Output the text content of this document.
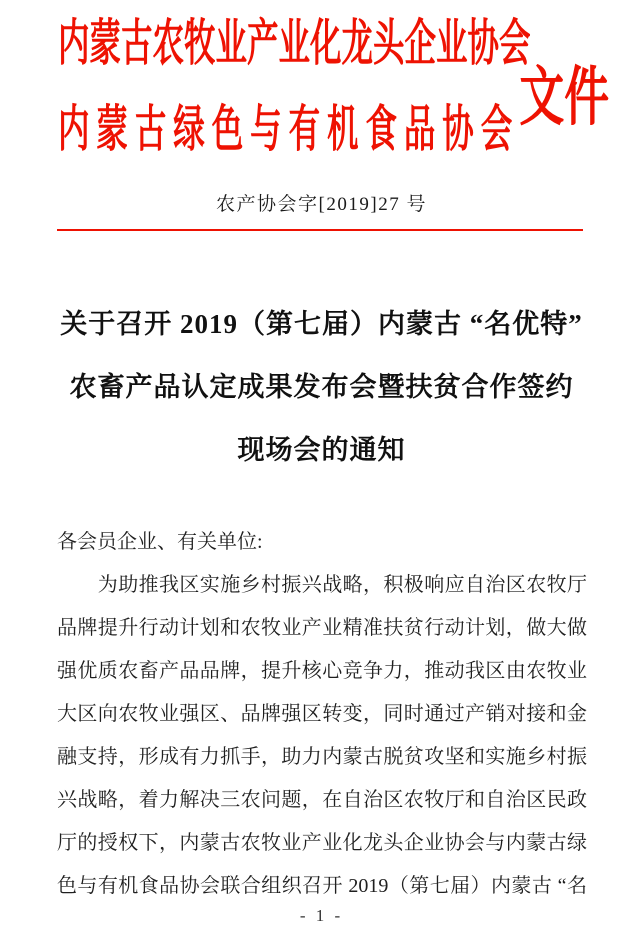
内蒙古农牧业产业化龙头企业协会
内蒙古绿色与有机食品协会 文件
农产协会字[2019]27 号
关于召开 2019（第七届）内蒙古 “名优特”
农畜产品认定成果发布会暨扶贫合作签约
现场会的通知
各会员企业、有关单位:
　　为助推我区实施乡村振兴战略，积极响应自治区农牧厅
品牌提升行动计划和农牧业产业精准扶贫行动计划，做大做
强优质农畜产品品牌，提升核心竞争力，推动我区由农牧业
大区向农牧业强区、品牌强区转变，同时通过产销对接和金
融支持，形成有力抓手，助力内蒙古脱贫攻坚和实施乡村振
兴战略，着力解决三农问题，在自治区农牧厅和自治区民政
厅的授权下，内蒙古农牧业产业化龙头企业协会与内蒙古绿
色与有机食品协会联合组织召开 2019（第七届）内蒙古 “名
- 1 -
